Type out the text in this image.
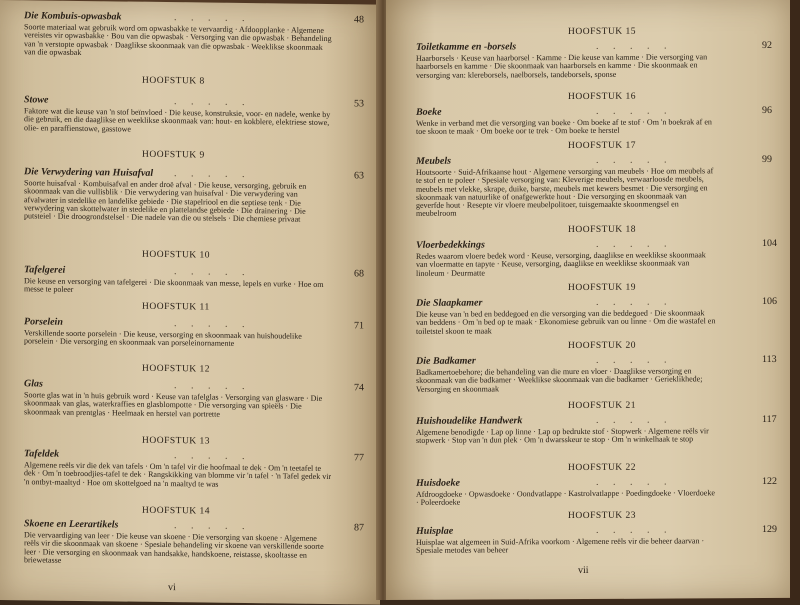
Die Kombuis-opwasbak	. . . . .	48
Soorte materiaal wat gebruik word om opwasbakke te vervaardig · Afdoopplanke · Algemene vereistes vir opwasbakke · Bou van die opwasbak · Versorging van die opwasbak · Behandeling van 'n verstopte opwasbak · Daaglikse skoonmaak van die opwasbak · Weeklikse skoonmaak van die opwasbak
HOOFSTUK 8
Stowe	. . . . .	53
Faktore wat die keuse van 'n stof beïnvloed · Die keuse, konstruksie, voor- en nadele, wenke by die gebruik, en die daaglikse en weeklikse skoonmaak van: hout- en kokblere, elektriese stowe, olie- en paraffienstowe, gasstowe
HOOFSTUK 9
Die Verwydering van Huisafval	. . . . .	63
Soorte huisafval · Kombuisafval en ander droë afval · Die keuse, versorging, gebruik en skoonmaak van die vullisblik · Die verwydering van huisafval · Die verwydering van afvalwater in stedelike en landelike gebiede · Die stapelriool en die septiese tenk · Die verwydering van skottelwater in stedelike en plattelandse gebiede · Die drainering · Die putsteiel · Die droogrondstelsel · Die nadele van die ou stelsels · Die chemiese privaat
HOOFSTUK 10
Tafelgerei	. . . . .	68
Die keuse en versorging van tafelgerei · Die skoonmaak van messe, lepels en vurke · Hoe om messe te poleer
HOOFSTUK 11
Porselein	. . . . .	71
Verskillende soorte porselein · Die keuse, versorging en skoonmaak van huishoudelike porselein · Die versorging en skoonmaak van porseleinornamente
HOOFSTUK 12
Glas	. . . . .	74
Soorte glas wat in 'n huis gebruik word · Keuse van tafelglas · Versorging van glasware · Die skoonmaak van glas, waterkraffies en glasblompotte · Die versorging van spieëls · Die skoonmaak van prentglas · Heelmaak en herstel van portrette
HOOFSTUK 13
Tafeldek	. . . . .	77
Algemene reëls vir die dek van tafels · Om 'n tafel vir die hoofmaal te dek · Om 'n teetafel te dek · Om 'n toebroodjies-tafel te dek · Rangskikking van blomme vir 'n tafel · 'n Tafel gedek vir 'n ontbyt-maaltyd · Hoe om skottelgoed na 'n maaltyd te was
HOOFSTUK 14
Skoene en Leerartikels	. . . . .	87
Die vervaardiging van leer · Die keuse van skoene · Die versorging van skoene · Algemene reëls vir die skoonmaak van skoene · Spesiale behandeling vir skoene van verskillende soorte leer · Die versorging en skoonmaak van handsakke, handskoene, reistasse, skooltasse en briewetasse
vi
HOOFSTUK 15
Toiletkamme en -borsels	. . . . .	92
Haarborsels · Keuse van haarborsel · Kamme · Die keuse van kamme · Die versorging van haarborsels en kamme · Die skoonmaak van haarborsels en kamme · Die skoonmaak en versorging van: klereborsels, naelborsels, tandeborsels, sponse
HOOFSTUK 16
Boeke	. . . . .	96
Wenke in verband met die versorging van boeke · Om boeke af te stof · Om 'n boekrak af en toe skoon te maak · Om boeke oor te trek · Om boeke te herstel
HOOFSTUK 17
Meubels	. . . . .	99
Houtsoorte · Suid-Afrikaanse hout · Algemene versorging van meubels · Hoe om meubels af te stof en te poleer · Spesiale versorging van: Kleverige meubels, verwaarloosde meubels, meubels met vlekke, skrape, duike, barste, meubels met kewers besmet · Die versorging en skoonmaak van natuurlike of onafgewerkte hout · Die versorging en skoonmaak van geverfde hout · Resepte vir vloere meubelpolitoer, tuisgemaakte skoonmengsel en meubelroom
HOOFSTUK 18
Vloerbedekkings	. . . . .	104
Redes waarom vloere bedek word · Keuse, versorging, daaglikse en weeklikse skoonmaak van vloermatte en tapyte · Keuse, versorging, daaglikse en weeklikse skoonmaak van linoleum · Deurmatte
HOOFSTUK 19
Die Slaapkamer	. . . . .	106
Die keuse van 'n bed en beddegoed en die versorging van die beddegoed · Die skoonmaak van beddens · Om 'n bed op te maak · Ekonomiese gebruik van ou linne · Om die wastafel en toiletstel skoon te maak
HOOFSTUK 20
Die Badkamer	. . . . .	113
Badkamertoebehore; die behandeling van die mure en vloer · Daaglikse versorging en skoonmaak van die badkamer · Weeklikse skoonmaak van die badkamer · Gerieklikhede; Versorging en skoonmaak
HOOFSTUK 21
Huishoudelike Handwerk	. . . . .	117
Algemene benodigde · Lap op linne · Lap op bedrukte stof · Stopwerk · Algemene reëls vir stopwerk · Stop van 'n dun plek · Om 'n dwarsskeur te stop · Om 'n winkelhaak te stop
HOOFSTUK 22
Huisdoeke	. . . . .	122
Afdroogdoeke · Opwasdoeke · Oondvatlappe · Kastrolvatlappe · Poedingdoeke · Vloerdoeke · Poleerdoeke
HOOFSTUK 23
Huisplae	. . . . .	129
Huisplae wat algemeen in Suid-Afrika voorkom · Algemene reëls vir die beheer daarvan · Spesiale metodes van beheer
vii
